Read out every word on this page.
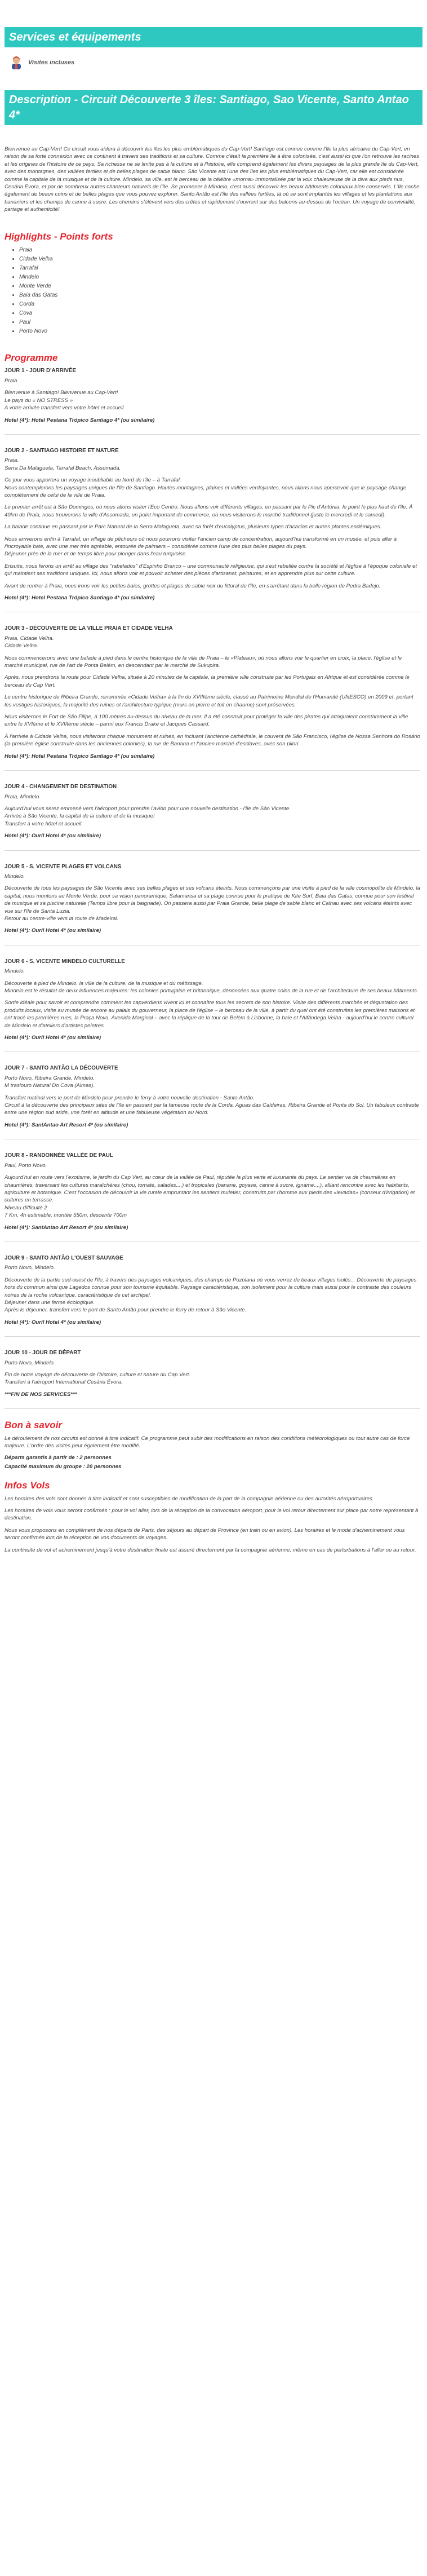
Services et équipements
Visites incluses
Description - Circuit Découverte 3 îles: Santiago, Sao Vicente, Santo Antao 4*

Bienvenue au Cap-Vert! Ce circuit vous aidera à découvrir les îles les plus emblématiques du Cap-Vert! Santiago est connue comme l'île la plus africaine du Cap-Vert, en raison de sa forte connexion avec ce continent à travers ses traditions et sa culture. Comme c'était la première île à être colonisée, c'est aussi ici que l'on retrouve les racines et les origines de l'histoire de ce pays. Sa richesse ne se limite pas à la culture et à l'histoire, elle comprend également les divers paysages de la plus grande île du Cap-Vert, avec des montagnes, des vallées fertiles et de belles plages de sable blanc. São Vicente est l'une des îles les plus emblématiques du Cap-Vert, car elle est considérée comme la capitale de la musique et de la culture. Mindelo, sa ville, est le berceau de la célèbre «morna» immortalisée par la voix chaleureuse de la diva aux pieds nus, Cesária Évora, et par de nombreux autres chanteurs naturels de l'île. Se promener à Mindelo, c'est aussi découvrir les beaux bâtiments coloniaux bien conservés. L'île cache également de beaux coins et de belles plages que vous pouvez explorer. Santo Antão est l'île des vallées fertiles, là où se sont implantés les villages et les plantations aux bananiers et les champs de canne à sucre. Les chemins s'élèvent vers des crêtes et rapidement s'ouvrent sur des balcons au-dessus de l'océan. Un voyage de convivialité, partage et authenticité!

Highlights - Points forts
• Praia
• Cidade Velha
• Tarrafal
• Mindelo
• Monte Verde
• Baia das Gatas
• Corda
• Cova
• Paul
• Porto Novo
Programme
JOUR 1 - JOUR D'ARRIVÉE

Praia.

Bienvenue à Santiago! Bienvenue au Cap-Vert!
Le pays du « NO STRESS »
A votre arrivée transfert vers votre hôtel et accueil.

Hotel (4*): Hotel Pestana Trópico Santiago 4* (ou similaire)

JOUR 2 - SANTIAGO HISTOIRE ET NATURE

Praia.
Serra Da Malagueta, Tarrafal Beach, Assomada.

Ce jour vous apportera un voyage inoubliable au Nord de l'île – à Tarrafal.
Nous contemplerons les paysages uniques de l'île de Santiago. Hautes montagnes, plaines et vallées verdoyantes, nous allons nous apercevoir que le paysage change complètement de celui de la ville de Praia.

Le premier arrêt est à São Domingos, où nous allons visiter l'Eco Centro. Nous allons voir différents villages, en passant par le Pic d'Antónia, le point le plus haut de l'île. À 40km de Praia, nous trouverons la ville d'Assomada, un point important de commerce, où nous visiterons le marché traditionnel (juste le mercredi et le samedi).

La balade continue en passant par le Parc Natural de la Serra Malagueta, avec sa forêt d'eucalyptus, plusieurs types d'acacias et autres plantes endémiques.

Nous arriverons enfin à Tarrafal, un village de pêcheurs où nous pourrons visiter l'ancien camp de concentration, aujourd'hui transformé en un musée, et puis aller à l'incroyable baie, avec une mer très agréable, entourée de palmiers – considérée comme l'une des plus belles plages du pays.
Déjeuner près de la mer et de temps libre pour plonger dans l'eau turquoise.

Ensuite, nous ferons un arrêt au village des "rabelados" d'Espinho Branco – une communauté religieuse, qui s'est rebellée contre la société et l'église à l'époque coloniale et qui maintient ses traditions uniques. Ici, nous allons voir et pouvoir acheter des pièces d'artisanat, peintures, et en apprendre plus sur cette culture.

Avant de rentrer à Praia, nous irons voir les petites baies, grottes et plages de sable noir du littoral de l'île, en s'arrêtant dans la belle région de Pedra Badejo.

Hotel (4*): Hotel Pestana Trópico Santiago 4* (ou similaire)

JOUR 3 - DÉCOUVERTE DE LA VILLE PRAIA ET CIDADE VELHA

Praia, Cidade Velha.
Cidade Velha.

Nous commencerons avec une balade à pied dans le centre historique de la ville de Praia – le «Plateau», où nous allons voir le quartier en croix, la place, l'église et le marché municipal, rue de l'art de Ponta Belém, en descendant par le marché de Sukupira.

Après, nous prendrons la route pour Cidade Velha, située à 20 minutes de la capitale, la première ville construite par les Portugais en Afrique et est considérée comme le berceau du Cap Vert.

Le centre historique de Ribeira Grande, renommée «Cidade Velha» à la fin du XVIIIème siècle, classé au Patrimoine Mondial de l'Humanité (UNESCO) en 2009 et, portant les vestiges historiques, la majorité des ruines et l'architecture typique (murs en pierre et toit en chaume) sont préservées.

Nous visiterons le Fort de São Filipe, à 100 mètres au-dessus du niveau de la mer. Il a été construit pour protéger la ville des pirates qui attaquaient constamment la ville entre le XVIème et le XVIIIème siècle – parmi eux Francis Drake et Jacques Cassard.

À l'arrivée à Cidade Velha, nous visiterons chaque monument et ruines, en incluant l'ancienne cathédrale, le couvent de São Francisco, l'église de Nossa Senhora do Rosário (la première église construite dans les anciennes colonies), la rue de Banana et l'ancien marché d'esclaves, avec son pilori.

Hotel (4*): Hotel Pestana Trópico Santiago 4* (ou similaire)

JOUR 4 - CHANGEMENT DE DESTINATION

Praia, Mindelo.

Aujourd'hui vous serez emmené vers l'aéroport pour prendre l'avion pour une nouvelle destination - l'île de São Vicente.
Arrivée à São Vicente, la capital de la culture et de la musique!
Transfert à votre hôtel et accueil.

Hotel (4*): Ouril Hotel 4* (ou similaire)

JOUR 5 - S. VICENTE PLAGES ET VOLCANS

Mindelo.

Découverte de tous les paysages de São Vicente avec ses belles plages et ses volcans éteints. Nous commençons par une visite à pied de la ville cosmopolite de Mindelo, la capital, nous montons au Monte Verde, pour sa vision panoramique, Salamansa et sa plage connue pour le pratique de Kite Surf, Baia das Gatas, connue pour son festival de musique et sa piscine naturelle (Temps libre pour la baignade). On passera aussi par Praia Grande, belle plage de sable blanc et Calhau avec ses volcans éteints avec vue sur l'île de Santa Luzia.
Retour au centre-ville vers la route de Madeiral.

Hotel (4*): Ouril Hotel 4* (ou similaire)

JOUR 6 - S. VICENTE MINDELO CULTURELLE

Mindelo.

Découverte à pied de Mindelo, la ville de la culture, de la musique et du métissage.
Mindelo est le résultat de deux influences majeures: les colonies portugaise et britannique, dénoncées aux quatre coins de la rue et de l'architecture de ses beaux bâtiments.

Sortie idéale pour savoir et comprendre comment les capverdiens vivent ici et connaître tous les secrets de son histoire. Visite des différents marchés et dégustation des produits locaux, visite au musée de encore au palais du gouverneur, la place de l'église – le berceau de la ville, à partir du quel ont été construites les premières maisons et ont tracé les premières rues, la Praça Nova, Avenida Marginal – avec la réplique de la tour de Belém à Lisbonne, la baie et l'Alfândega Velha - aujourd'hui le centre culturel de Mindelo et d'ateliers d'artistes peintres.

Hotel (4*): Ouril Hotel 4* (ou similaire)

JOUR 7 - SANTO ANTÃO LA DÉCOUVERTE

Porto Novo, Ribeira Grande, Mindelo.
M traslouro Natural Do Cova (Almas).

Transfert matinal vers le port de Mindelo pour prendre le ferry à votre nouvelle destination - Santo Antão.
Circuit à la découverte des principaux sites de l'île en passant par la fameuse route de la Corda. Aguas das Caldeiras, Ribeira Grande et Ponta do Sol. Un fabuleux contraste entre une région sud aride, une forêt en altitude et une fabuleuse végétation au Nord.

Hotel (4*): SantAntao Art Resort 4* (ou similaire)

JOUR 8 - RANDONNÉE VALLÉE DE PAUL

Paul, Porto Novo.

Aujourd'hui en route vers l'exotisme, le jardin du Cap Vert, au cœur de la vallée de Paul, réputée la plus verte et luxuriante du pays. Le sentier va de chaumières en chaumières, traversant les cultures maraîchères (chou, tomate, salades....) et tropicales (banane, goyave, canne à sucre, igname....), alliant rencontre avec les habitants, agriculture et botanique. C'est l'occasion de découvrir la vie rurale empruntant les sentiers muletier, construits par l'homme aux pieds des «levadas» (conseur d'irrigation) et cultures en terrasse.
Niveau difficulté 2
7 Km, 4h estimable, montée 550m, descente 700m

Hotel (4*): SantAntao Art Resort 4* (ou similaire)

JOUR 9 - SANTO ANTÃO L'OUEST SAUVAGE

Porto Novo, Mindelo.

Découverte de la partie sud-ouest de l'île, à travers des paysages volcaniques, des champs de Pozolana où vous verrez de beaux villages isolés... Découverte de paysages hors du commun ainsi que Lagedos connue pour son tourisme équitable. Paysage caractéristique, son isolement pour la culture mais aussi pour le contraste des couleurs noires de la roche volcanique, caractéristique de cet archipel.
Déjeuner dans une ferme écologique.
Après le déjeuner, transfert vers le port de Santo Antão pour prendre le ferry de retour à São Vicente.

Hotel (4*): Ouril Hotel 4* (ou similaire)

JOUR 10 - JOUR DE DÉPART

Porto Novo, Mindelo.

Fin de notre voyage de découverte de l'histoire, culture et nature du Cap Vert.
Transfert à l'aéroport International Cesária Évora.

***FIN DE NOS SERVICES***

Bon à savoir

Le déroulement de nos circuits est donné à titre indicatif. Ce programme peut subir des modifications en raison des conditions météorologiques ou tout autre cas de force majeure. L'ordre des visites peut également être modifié.

Départs garantis à partir de : 2 personnes

Capacité maximum du groupe : 20 personnes

Infos Vols

Les horaires des vols sont donnés à titre indicatif et sont susceptibles de modification de la part de la compagnie aérienne ou des autorités aéroportuaires.

Les horaires de vols vous seront confirmés : pour le vol aller, lors de la réception de la convocation aéroport, pour le vol retour directement sur place par notre représentant à destination.

Nous vous proposons en complément de nos départs de Paris, des séjours au départ de Province (en train ou en avion). Les horaires et le mode d'acheminement vous seront confirmés lors de la réception de vos documents de voyages.

La continuité de vol et acheminement jusqu'à votre destination finale est assuré directement par la compagnie aérienne, même en cas de perturbations à l'aller ou au retour.
